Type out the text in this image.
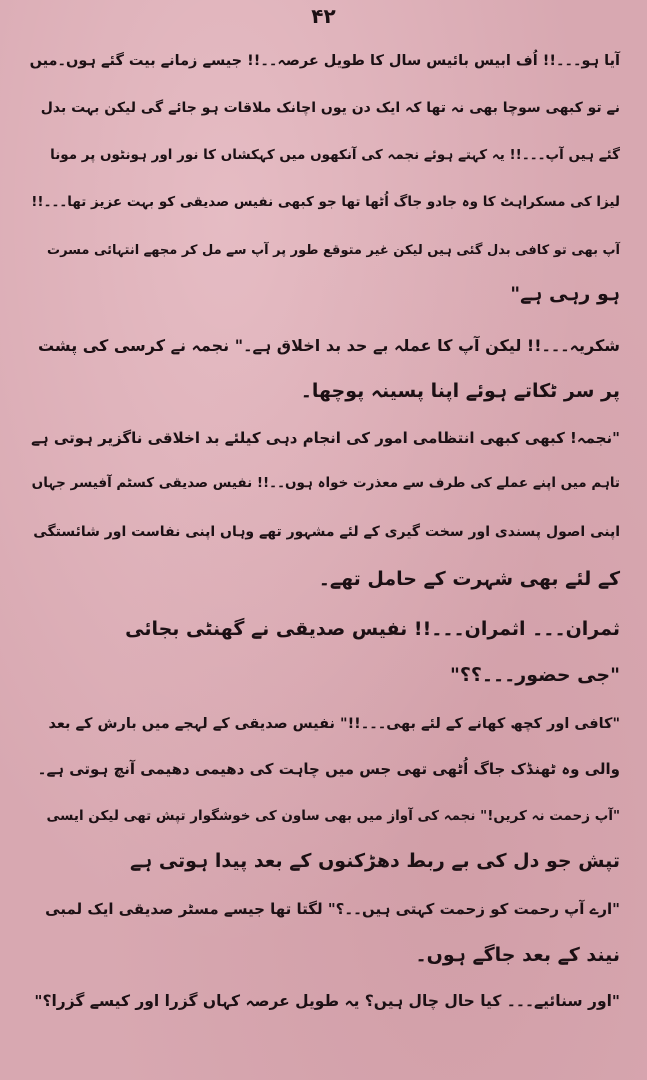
۴۲
آیا ہو۔۔۔!! اُف ابیس بائیس سال کا طویل عرصہ۔۔!! جیسے زمانے بیت گئے ہوں۔میں
نے تو کبھی سوچا بھی نہ تھا کہ ایک دن یوں اچانک ملاقات ہو جائے گی لیکن بہت بدل
گئے ہیں آپ۔۔۔!! یہ کہتے ہوئے نجمہ کی آنکھوں میں کہکشاں کا نور اور ہونٹوں پر مونا
لیزا کی مسکراہٹ کا وہ جادو جاگ اُٹھا تھا جو کبھی نفیس صدیقی کو بہت عزیز تھا۔۔۔!!
آپ بھی تو کافی بدل گئی ہیں لیکن غیر متوقع طور پر آپ سے مل کر مجھے انتہائی مسرت
ہو رہی ہے"
شکریہ۔۔۔!! لیکن آپ کا عملہ بے حد بد اخلاق ہے۔" نجمہ نے کرسی کی پشت
پر سر ٹکاتے ہوئے اپنا پسینہ پوچھا۔
"نجمہ! کبھی کبھی انتظامی امور کی انجام دہی کیلئے بد اخلاقی ناگزیر ہوتی ہے
تاہم میں اپنے عملے کی طرف سے معذرت خواہ ہوں۔۔!! نفیس صدیقی کسٹم آفیسر جہاں
اپنی اصول پسندی اور سخت گیری کے لئے مشہور تھے وہاں اپنی نفاست اور شائستگی
کے لئے بھی شہرت کے حامل تھے۔
ثمران۔۔۔ اثمران۔۔۔!! نفیس صدیقی نے گھنٹی بجائی
"جی حضور۔۔۔؟؟"
"کافی اور کچھ کھانے کے لئے بھی۔۔۔!!" نفیس صدیقی کے لہجے میں بارش کے بعد
والی وہ ٹھنڈک جاگ اُٹھی تھی جس میں چاہت کی دھیمی دھیمی آنچ ہوتی ہے۔
"آپ زحمت نہ کریں!" نجمہ کی آواز میں بھی ساون کی خوشگوار تپش تھی لیکن ایسی
تپش جو دل کی بے ربط دھڑکنوں کے بعد پیدا ہوتی ہے
"ارے آپ رحمت کو زحمت کہتی ہیں۔۔؟" لگتا تھا جیسے مسٹر صدیقی ایک لمبی
نیند کے بعد جاگے ہوں۔
"اور سنائیے۔۔۔ کیا حال چال ہیں؟ یہ طویل عرصہ کہاں گزرا اور کیسے گزرا؟"
